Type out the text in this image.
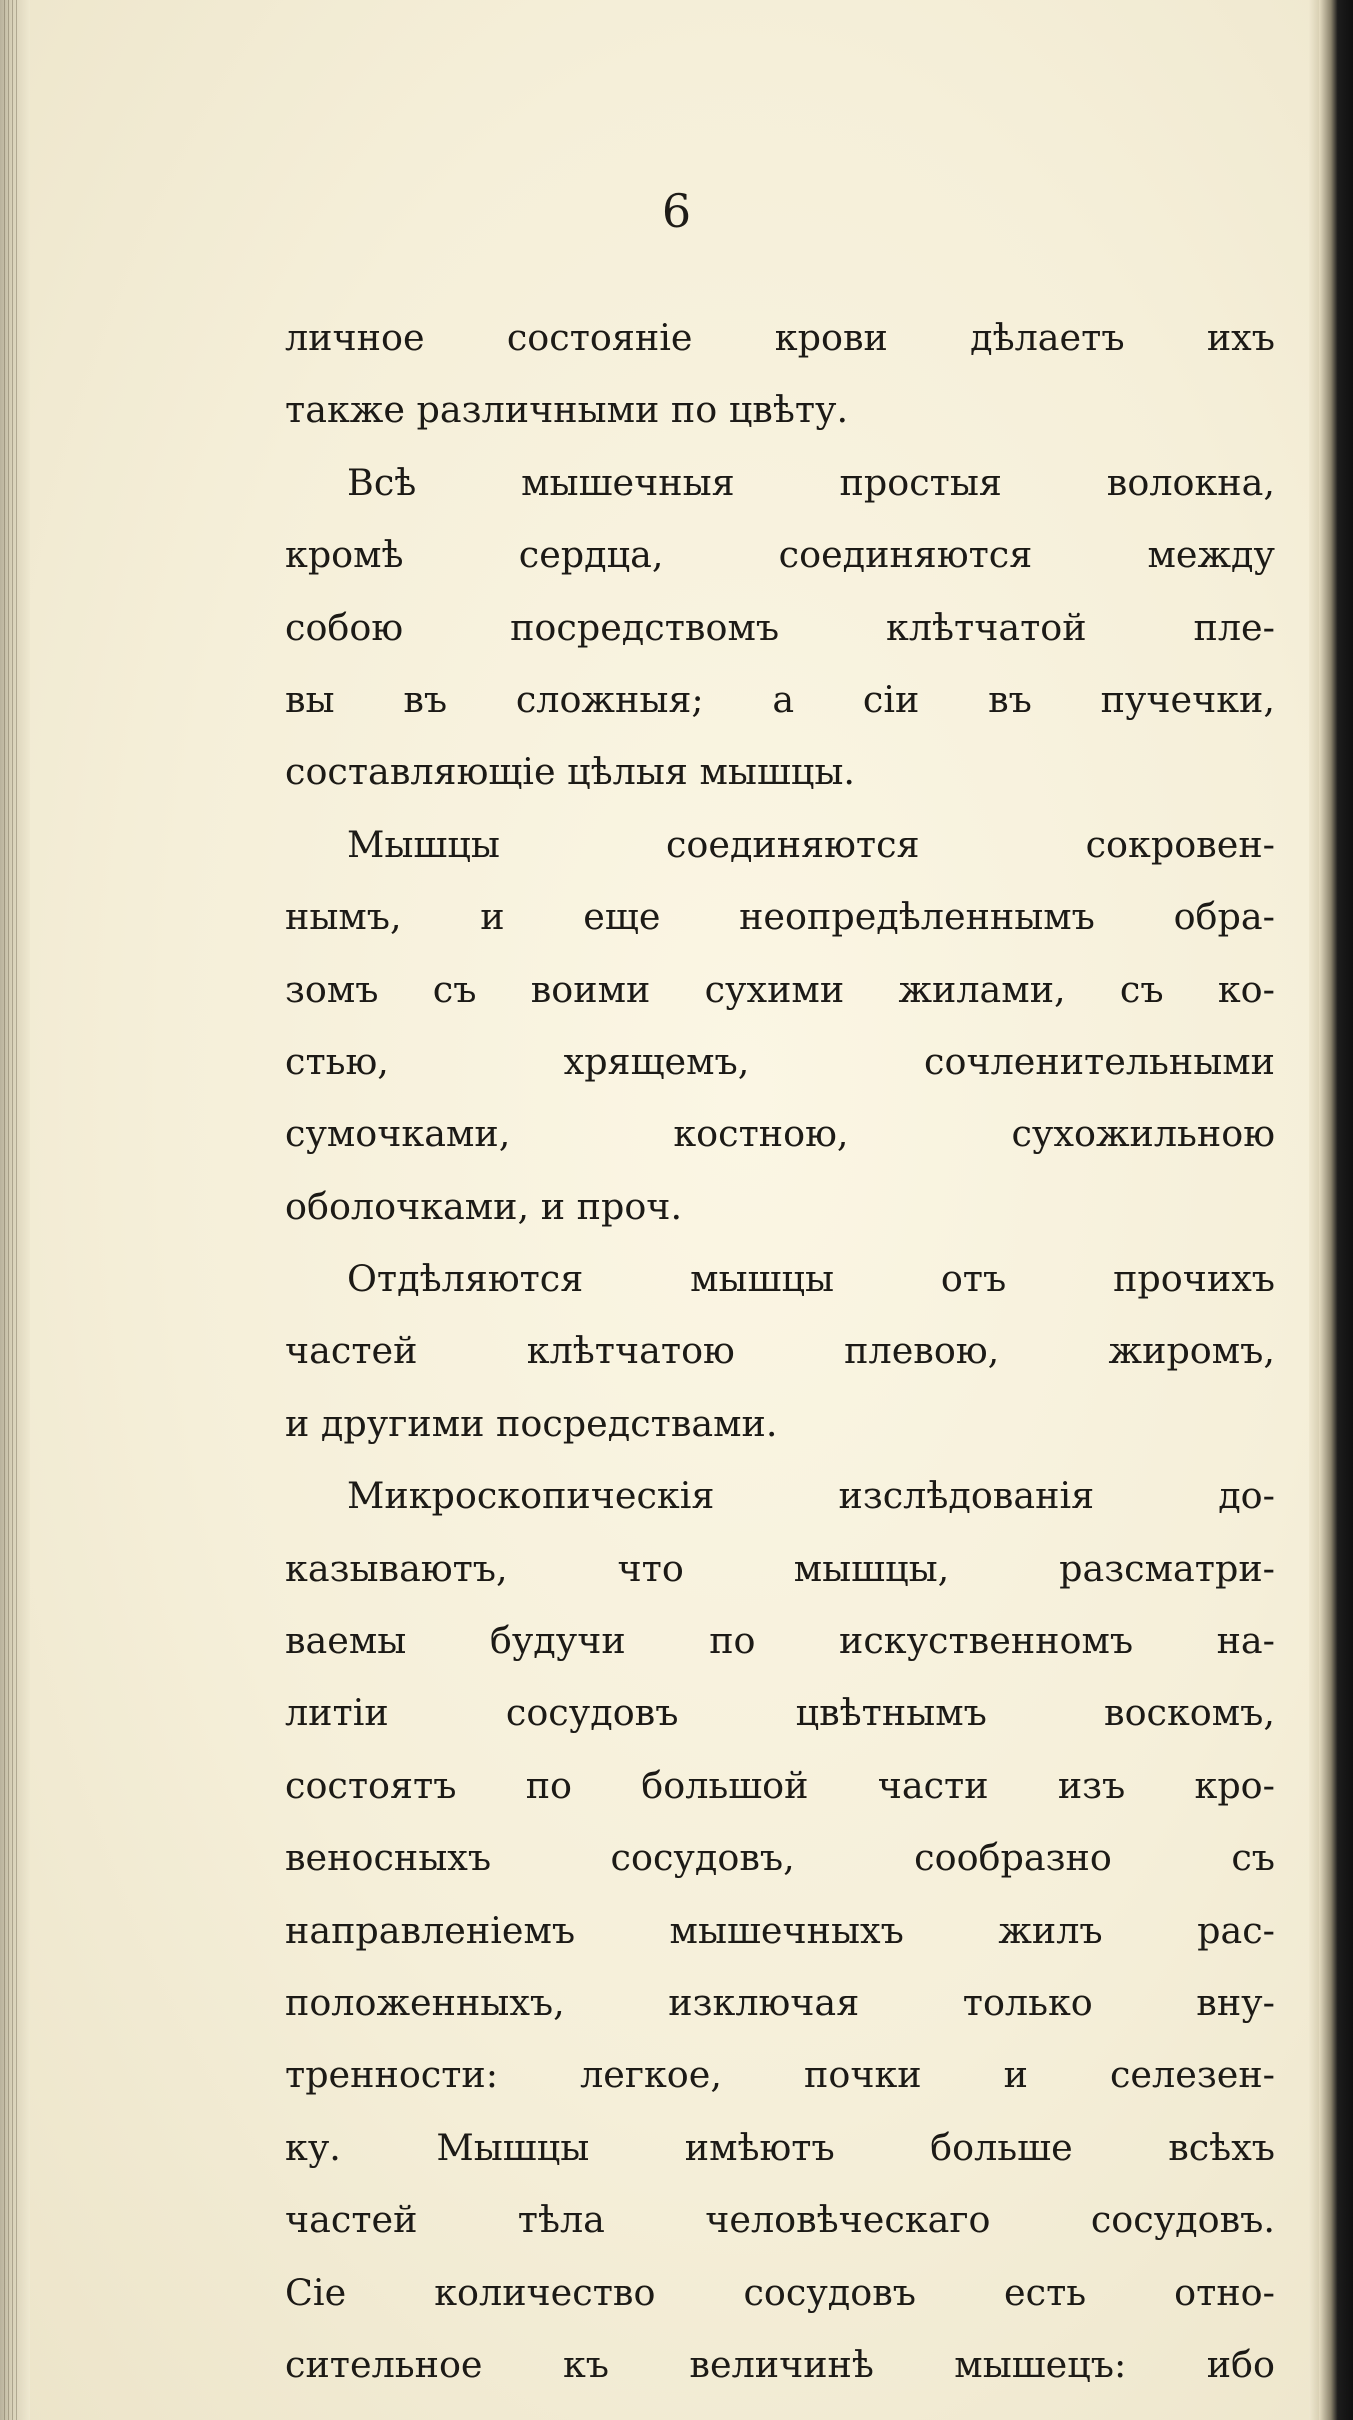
6
личное состояніе крови дѣлаетъ ихъ
также различными по цвѣту.
Всѣ мышечныя простыя волокна,
кромѣ сердца, соединяются между
собою посредствомъ клѣтчатой пле-
вы въ сложныя; а сіи въ пучечки,
составляющіе цѣлыя мышцы.
Мышцы соединяются сокровен-
нымъ, и еще неопредѣленнымъ обра-
зомъ съ воими сухими жилами, съ ко-
стью, хрящемъ, сочленительными
сумочками, костною, сухожильною
оболочками, и проч.
Отдѣляются мышцы отъ прочихъ
частей клѣтчатою плевою, жиромъ,
и другими посредствами.
Микроскопическія изслѣдованія до-
казываютъ, что мышцы, разсматри-
ваемы будучи по искуственномъ на-
литіи сосудовъ цвѣтнымъ воскомъ,
состоятъ по большой части изъ кро-
веносныхъ сосудовъ, сообразно съ
направленіемъ мышечныхъ жилъ рас-
положенныхъ, изключая только вну-
тренности: легкое, почки и селезен-
ку. Мышцы имѣютъ больше всѣхъ
частей тѣла человѣческаго сосудовъ.
Сіе количество сосудовъ есть отно-
сительное къ величинѣ мышецъ: ибо
